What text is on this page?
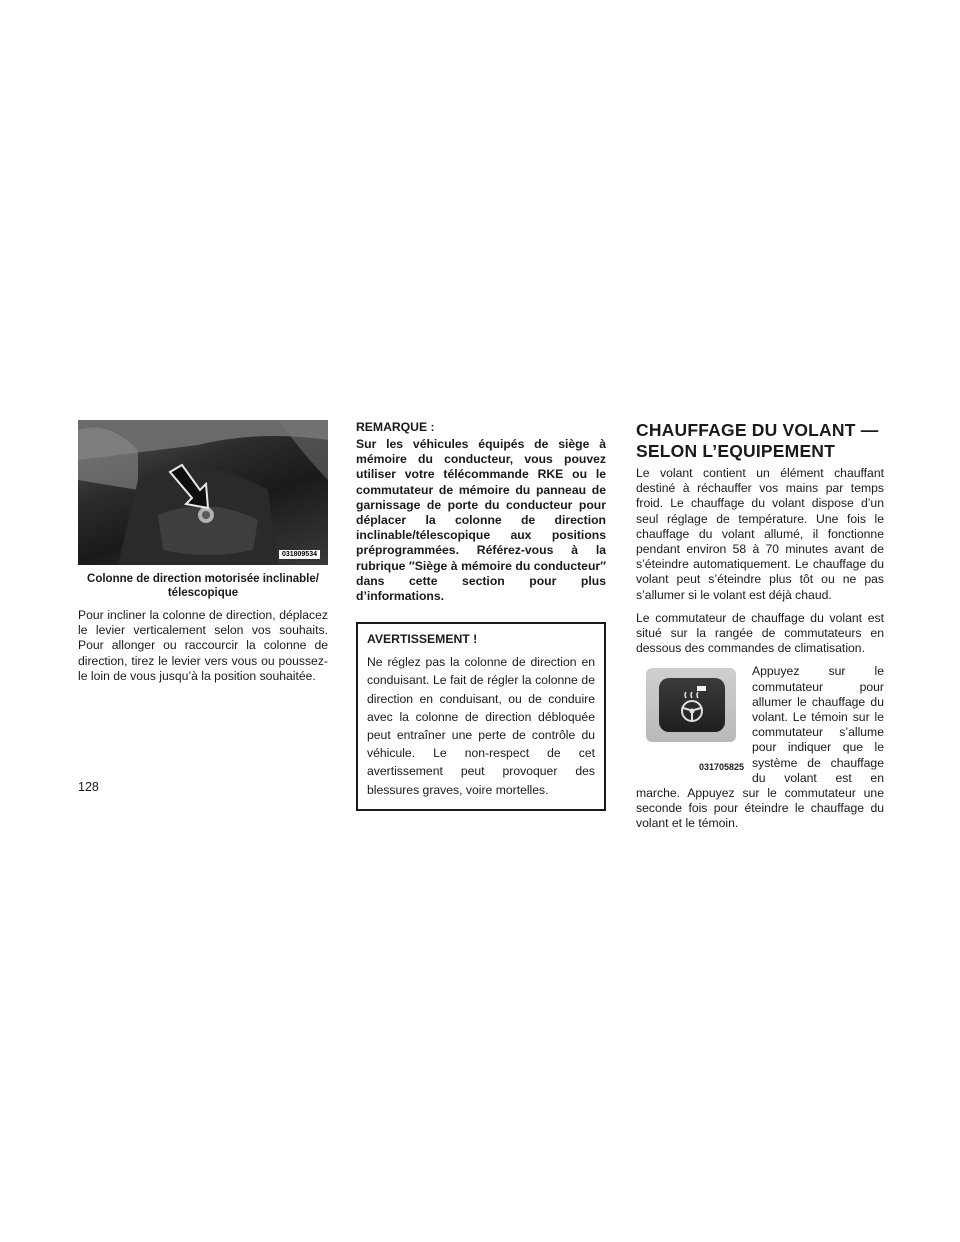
031809534
Colonne de direction motorisée inclinable/ télescopique

Pour incliner la colonne de direction, déplacez le levier verticalement selon vos souhaits. Pour allonger ou raccourcir la colonne de direction, tirez le levier vers vous ou poussez-le loin de vous jusqu’à la position souhaitée.

REMARQUE :

Sur les véhicules équipés de siège à mémoire du conducteur, vous pouvez utiliser votre télécommande RKE ou le commutateur de mémoire du panneau de garnissage de porte du conducteur pour déplacer la colonne de direction inclinable/télescopique aux positions préprogrammées. Référez-vous à la rubrique ″Siège à mémoire du conducteur″ dans cette section pour plus d’informations.

AVERTISSEMENT !

Ne réglez pas la colonne de direction en conduisant. Le fait de régler la colonne de direction en conduisant, ou de conduire avec la colonne de direction débloquée peut entraîner une perte de contrôle du véhicule. Le non-respect de cet avertissement peut provoquer des blessures graves, voire mortelles.

CHAUFFAGE DU VOLANT —
SELON L’EQUIPEMENT

Le volant contient un élément chauffant destiné à réchauffer vos mains par temps froid. Le chauffage du volant dispose d’un seul réglage de température. Une fois le chauffage du volant allumé, il fonctionne pendant environ 58 à 70 minutes avant de s’éteindre automatiquement. Le chauffage du volant peut s’éteindre plus tôt ou ne pas s’allumer si le volant est déjà chaud.

Le commutateur de chauffage du volant est situé sur la rangée de commutateurs en dessous des commandes de climatisation.

031705825

Appuyez sur le commutateur pour allumer le chauffage du volant. Le témoin sur le commutateur s’allume pour indiquer que le système de chauffage du volant est en marche. Appuyez sur le commutateur une seconde fois pour éteindre le chauffage du volant et le témoin.

128
